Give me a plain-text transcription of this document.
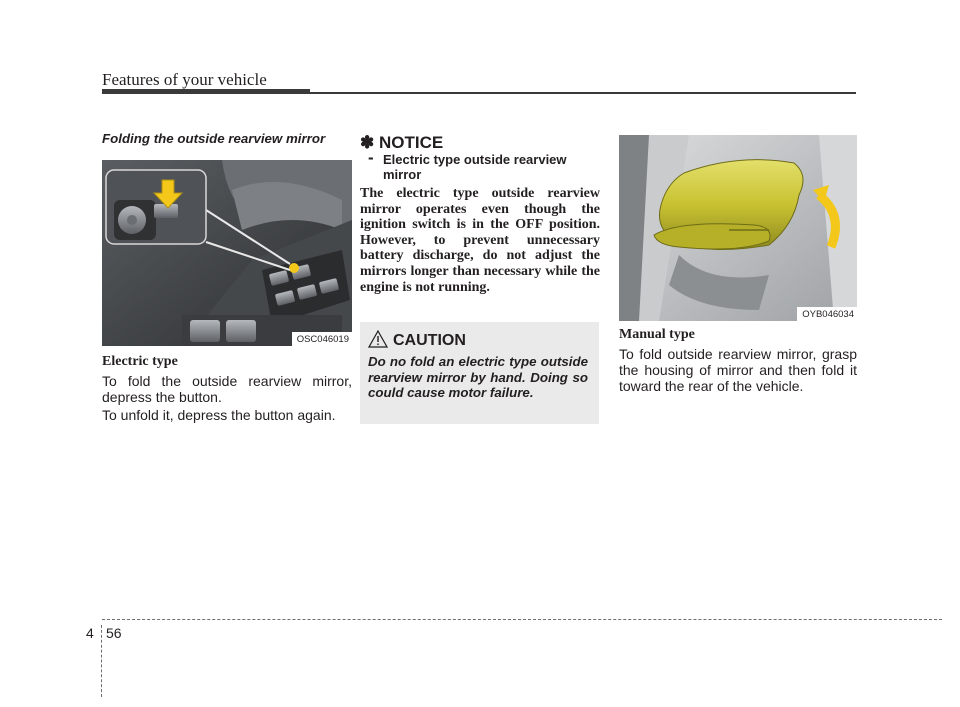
Features of your vehicle
Folding the outside rearview mirror
OSC046019
Electric type
To fold the outside rearview mirror, depress the button.
To unfold it, depress the button again.
✽ NOTICE
- Electric type outside rearview mirror
The electric type outside rearview mirror operates even though the ignition switch is in the OFF position. However, to prevent unnecessary battery discharge, do not adjust the mirrors longer than necessary while the engine is not running.
CAUTION
Do no fold an electric type outside rearview mirror by hand. Doing so could cause motor failure.
OYB046034
Manual type
To fold outside rearview mirror, grasp the housing of mirror and then fold it toward the rear of the vehicle.
4 56
